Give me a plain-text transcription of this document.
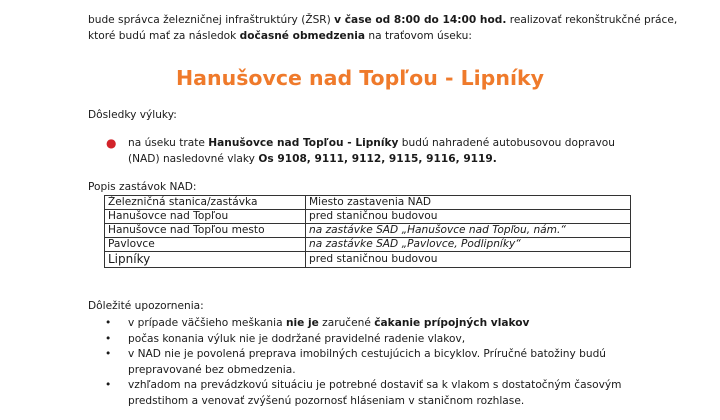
bude správca železničnej infraštruktúry (ŽSR) v čase od 8:00 do 14:00 hod. realizovať rekonštrukčné práce, ktoré budú mať za následok dočasné obmedzenia na traťovom úseku:
Hanušovce nad Topľou - Lipníky
Dôsledky výluky:
● na úseku trate Hanušovce nad Topľou - Lipníky budú nahradené autobusovou dopravou (NAD) nasledovné vlaky Os 9108, 9111, 9112, 9115, 9116, 9119.
Popis zastávok NAD:
Železničná stanica/zastávka	Miesto zastavenia NAD
Hanušovce nad Topľou	pred staničnou budovou
Hanušovce nad Topľou mesto	na zastávke SAD „Hanušovce nad Topľou, nám.“
Pavlovce	na zastávke SAD „Pavlovce, Podlipníky“
Lipníky	pred staničnou budovou
Dôležité upozornenia:
• v prípade väčšieho meškania nie je zaručené čakanie prípojných vlakov
• počas konania výluk nie je dodržané pravidelné radenie vlakov,
• v NAD nie je povolená preprava imobilných cestujúcich a bicyklov. Príručné batožiny budú prepravované bez obmedzenia.
• vzhľadom na prevádzkovú situáciu je potrebné dostaviť sa k vlakom s dostatočným časovým predstihom a venovať zvýšenú pozornosť hláseniam v staničnom rozhlase.
